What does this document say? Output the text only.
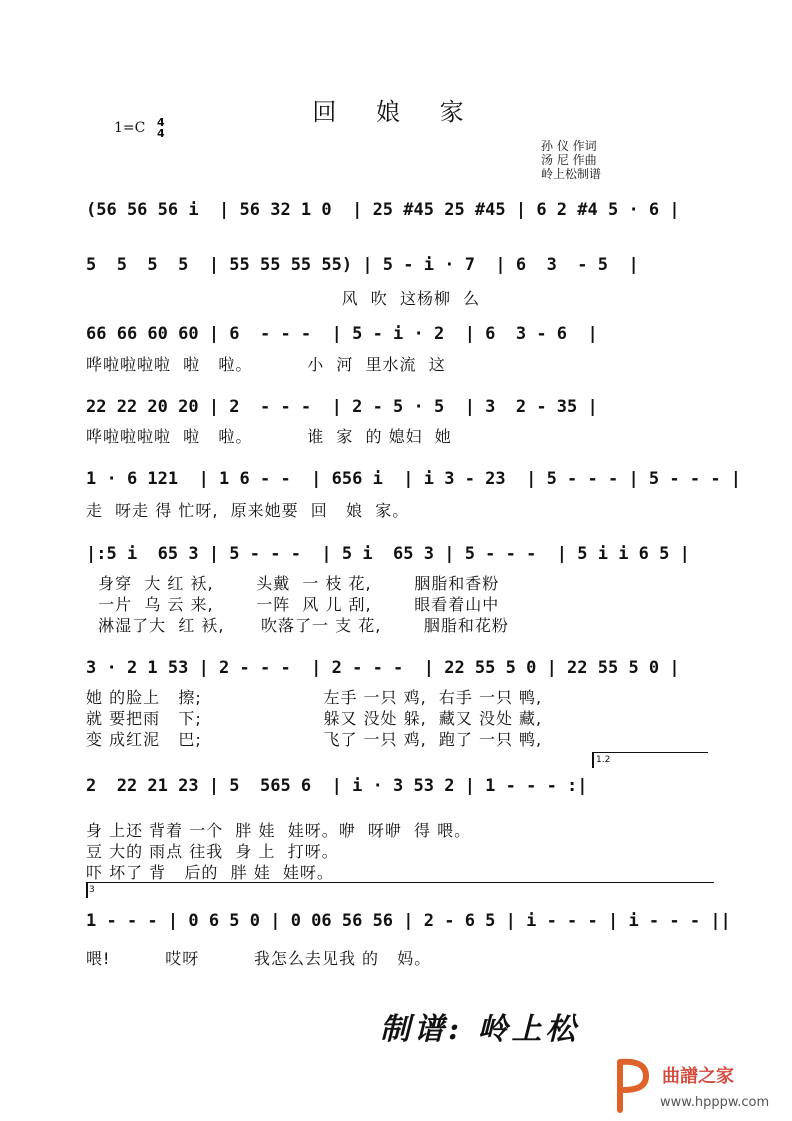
回 娘 家
1=C 4
4
孙 仪 作词
汤 尼 作曲
岭上松制谱
(56 56 56 i  | 56 32 1 0  | 25 #45 25 #45 | 6 2 #4 5 · 6 |
5  5  5  5  | 55 55 55 55) | 5 - i · 7  | 6  3  - 5  |
风  吹  这杨柳  么
66 66 60 60 | 6  - - -  | 5 - i · 2  | 6  3 - 6  |
哗啦啦啦啦  啦   啦。         小  河  里水流  这
22 22 20 20 | 2  - - -  | 2 - 5 · 5  | 3  2 - 35 |
哗啦啦啦啦  啦   啦。         谁  家  的 媳妇  她
1 · 6 121  | 1 6 - -  | 656 i  | i 3 - 23  | 5 - - - | 5 - - - |
走  呀走 得 忙呀,  原来她要  回   娘  家。
|:5 i  65 3 | 5 - - -  | 5 i  65 3 | 5 - - -  | 5 i i 6 5 |
身穿  大 红 袄,       头戴  一 枝 花,       胭脂和香粉
一片  乌 云 来,       一阵  风 儿 刮,       眼看着山中
淋湿了大  红 袄,      吹落了一 支 花,       胭脂和花粉
3 · 2 1 53 | 2 - - -  | 2 - - -  | 22 55 5 0 | 22 55 5 0 |
她 的脸上   擦;                    左手 一只 鸡,  右手 一只 鸭,
就 要把雨   下;                    躲又 没处 躲,  藏又 没处 藏,
变 成红泥   巴;                    飞了 一只 鸡,  跑了 一只 鸭,
1.2
2  22 21 23 | 5  565 6  | i · 3 53 2 | 1 - - - :|
身 上还 背着 一个  胖 娃  娃呀。咿  呀咿  得 喂。
豆 大的 雨点 往我  身 上  打呀。
吓 坏了 背   后的  胖 娃  娃呀。
3
1 - - - | 0 6 5 0 | 0 06 56 56 | 2 - 6 5 | i - - - | i - - - ||
喂!         哎呀         我怎么去见我 的   妈。
制谱: 岭上松
曲譜之家
www.hpppw.com
